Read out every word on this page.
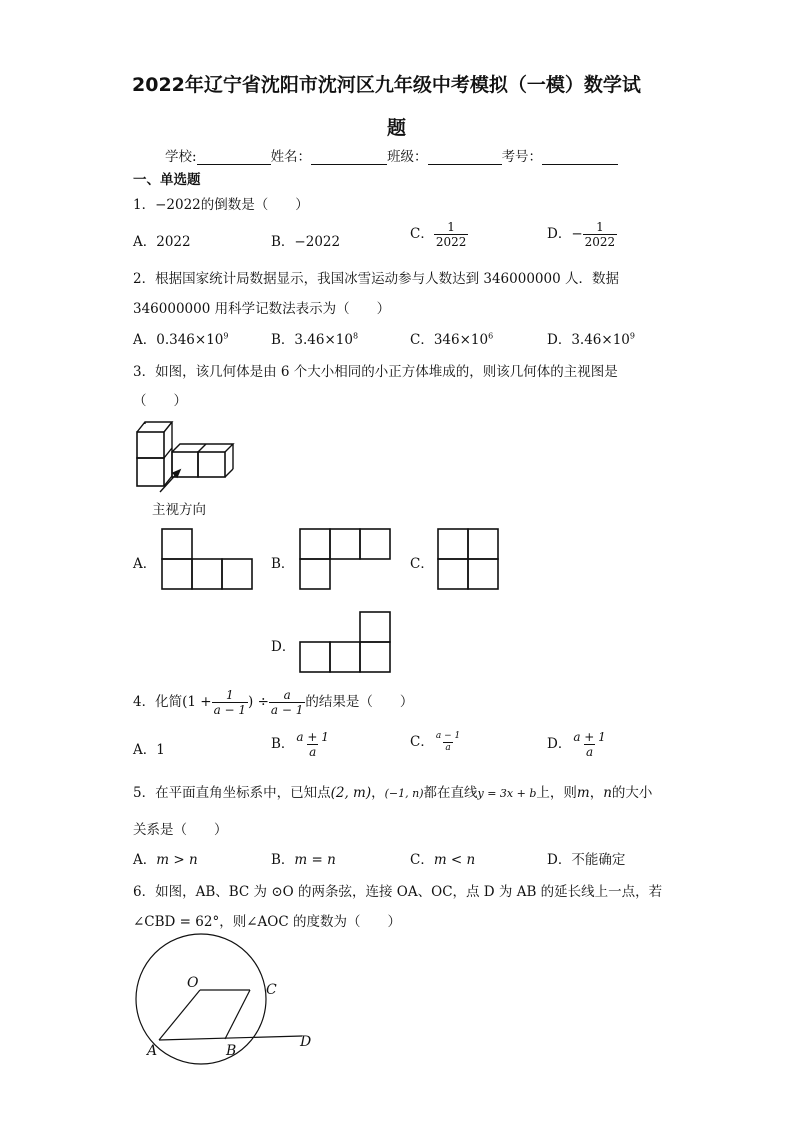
2022年辽宁省沈阳市沈河区九年级中考模拟（一模）数学试
题
学校:	姓名：	班级：	考号：
一、单选题
1．−2022的倒数是（　　）
A．2022	B．−2022	C． $\frac{1}{2022}$	D．− $\frac{1}{2022}$
2．根据国家统计局数据显示，我国冰雪运动参与人数达到 346000000 人．数据
346000000 用科学记数法表示为（　　）
A．$0.346\times 10^9$	B．$3.46\times 10^8$	C．$346\times 10^6$	D．$3.46\times 10^9$
3．如图，该几何体是由 6 个大小相同的小正方体堆成的，则该几何体的主视图是
（　　）
主视方向
A．	B．	C．
D．
4．化简($1 + \frac{1}{a - 1}$ ) ÷ $\frac{a}{a - 1}$ 的结果是（　　）
A．1	B． $\frac{a + 1}{a}$	C． $\frac{a - 1}{a}$	D． $\frac{a + 1}{a}$
5．在平面直角坐标系中，已知点(2, m)，(−1, n)都在直线y = 3x + b上，则m，n的大小
关系是（　　）
A．m > n	B．m = n	C．m < n	D．不能确定
6．如图，AB、BC 为 ⊙O 的两条弦，连接 OA、OC，点 D 为 AB 的延长线上一点，若
∠CBD = 62°，则∠AOC 的度数为（　　）
O	C
A	B
D
